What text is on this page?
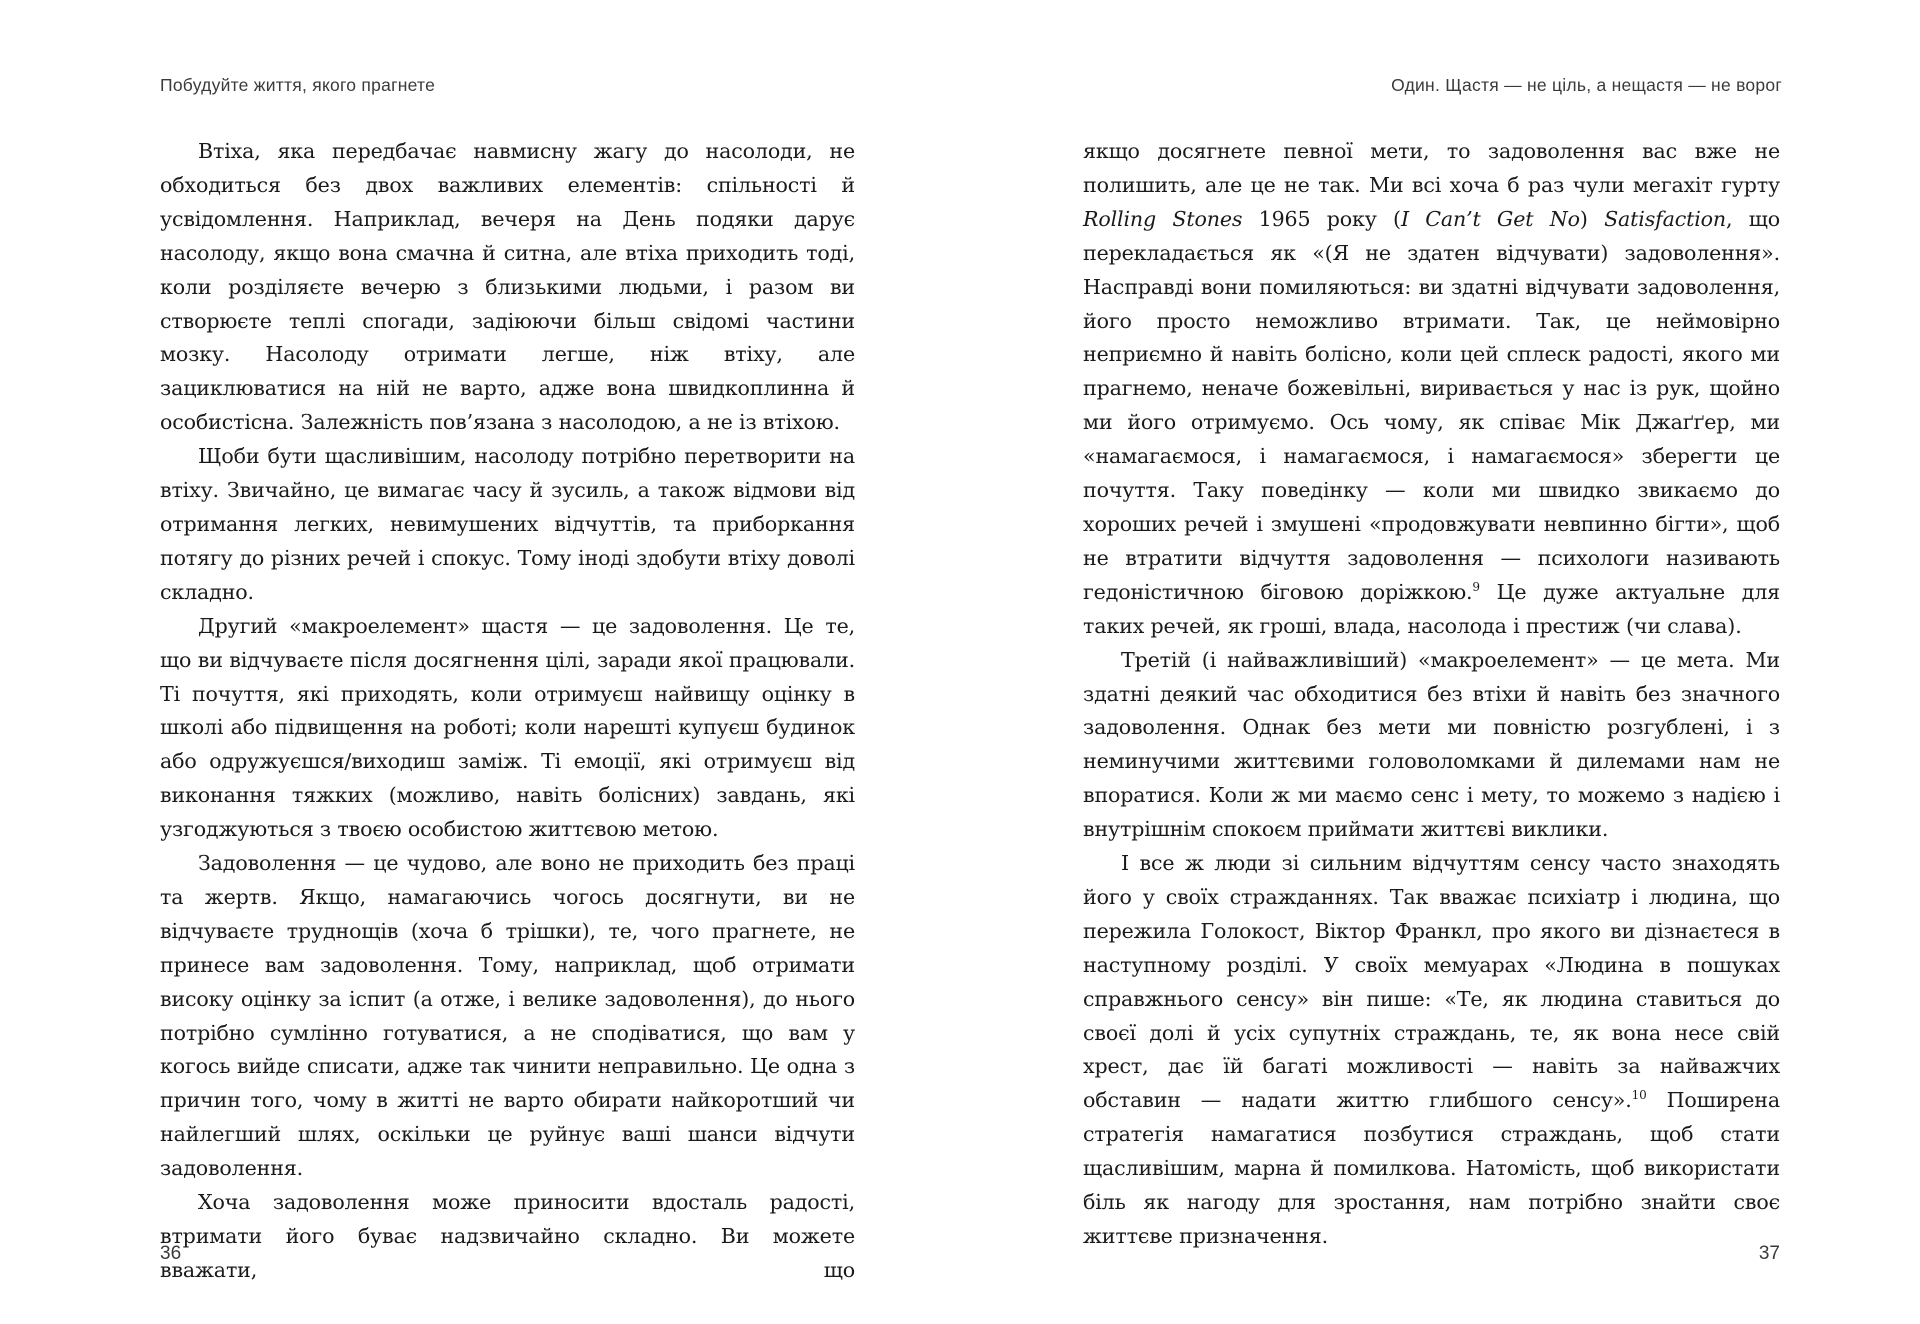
Побудуйте життя, якого прагнете

Втіха, яка передбачає навмисну жагу до насолоди, не обходиться без двох важливих елементів: спільності й усвідомлення. Наприклад, вечеря на День подяки дарує насолоду, якщо вона смачна й ситна, але втіха приходить тоді, коли розділяєте вечерю з близькими людьми, і разом ви створюєте теплі спогади, задіюючи більш свідомі частини мозку. Насолоду отримати легше, ніж втіху, але зациклюватися на ній не варто, адже вона швидкоплинна й особистісна. Залежність пов’язана з насолодою, а не із втіхою.

Щоби бути щасливішим, насолоду потрібно перетворити на втіху. Звичайно, це вимагає часу й зусиль, а також відмови від отримання легких, невимушених відчуттів, та приборкання потягу до різних речей і спокус. Тому іноді здобути втіху доволі складно.

Другий «макроелемент» щастя — це задоволення. Це те, що ви відчуваєте після досягнення цілі, заради якої працювали. Ті почуття, які приходять, коли отримуєш найвищу оцінку в школі або підвищення на роботі; коли нарешті купуєш будинок або одружуєшся/виходиш заміж. Ті емоції, які отримуєш від виконання тяжких (можливо, навіть болісних) завдань, які узгоджуються з твоєю особистою життєвою метою.

Задоволення — це чудово, але воно не приходить без праці та жертв. Якщо, намагаючись чогось досягнути, ви не відчуваєте труднощів (хоча б трішки), те, чого прагнете, не принесе вам задоволення. Тому, наприклад, щоб отримати високу оцінку за іспит (а отже, і велике задоволення), до нього потрібно сумлінно готуватися, а не сподіватися, що вам у когось вийде списати, адже так чинити неправильно. Це одна з причин того, чому в житті не варто обирати найкоротший чи найлегший шлях, оскільки це руйнує ваші шанси відчути задоволення.

Хоча задоволення може приносити вдосталь радості, втримати його буває надзвичайно складно. Ви можете вважати, що

36
Один. Щастя — не ціль, а нещастя — не ворог

якщо досягнете певної мети, то задоволення вас вже не полишить, але це не так. Ми всі хоча б раз чули мегахіт гурту Rolling Stones 1965 року (I Can’t Get No) Satisfaction, що перекладається як «(Я не здатен відчувати) задоволення». Насправді вони помиляються: ви здатні відчувати задоволення, його просто неможливо втримати. Так, це неймовірно неприємно й навіть болісно, коли цей сплеск радості, якого ми прагнемо, неначе божевільні, виривається у нас із рук, щойно ми його отримуємо. Ось чому, як співає Мік Джаґґер, ми «намагаємося, і намагаємося, і намагаємося» зберегти це почуття. Таку поведінку — коли ми швидко звикаємо до хороших речей і змушені «продовжувати невпинно бігти», щоб не втратити відчуття задоволення — психологи називають гедоністичною біговою доріжкою.$^9$ Це дуже актуальне для таких речей, як гроші, влада, насолода і престиж (чи слава).

Третій (і найважливіший) «макроелемент» — це мета. Ми здатні деякий час обходитися без втіхи й навіть без значного задоволення. Однак без мети ми повністю розгублені, і з неминучими життєвими головоломками й дилемами нам не впоратися. Коли ж ми маємо сенс і мету, то можемо з надією і внутрішнім спокоєм приймати життєві виклики.

І все ж люди зі сильним відчуттям сенсу часто знаходять його у своїх стражданнях. Так вважає психіатр і людина, що пережила Голокост, Віктор Франкл, про якого ви дізнаєтеся в наступному розділі. У своїх мемуарах «Людина в пошуках справжнього сенсу» він пише: «Те, як людина ставиться до своєї долі й усіх супутніх страждань, те, як вона несе свій хрест, дає їй багаті можливості — навіть за найважчих обставин — надати життю глибшого сенсу».$^{10}$ Поширена стратегія намагатися позбутися страждань, щоб стати щасливішим, марна й помилкова. Натомість, щоб використати біль як нагоду для зростання, нам потрібно знайти своє життєве призначення.

37
